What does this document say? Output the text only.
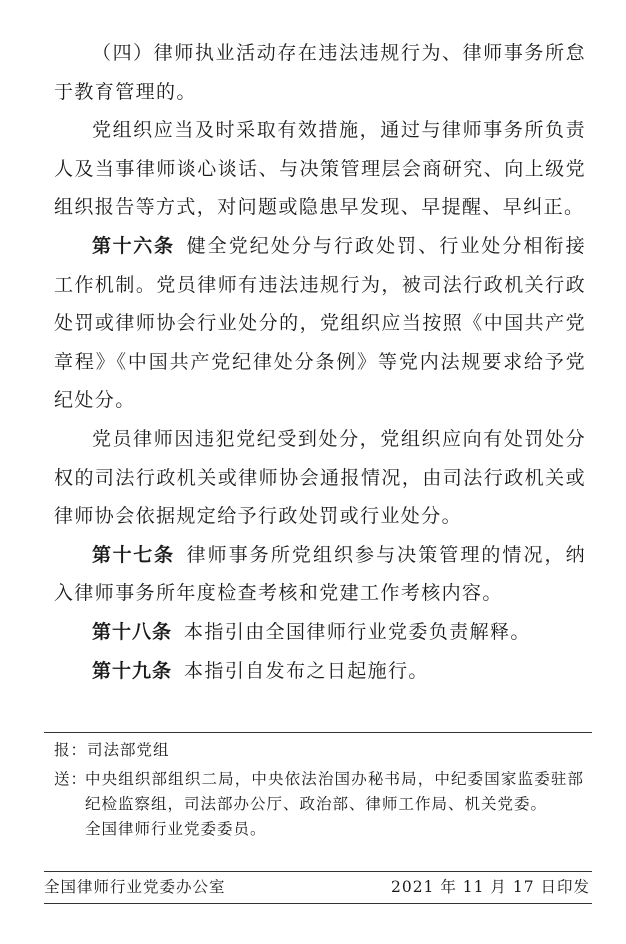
（四）律师执业活动存在违法违规行为、律师事务所怠于教育管理的。

党组织应当及时采取有效措施，通过与律师事务所负责人及当事律师谈心谈话、与决策管理层会商研究、向上级党组织报告等方式，对问题或隐患早发现、早提醒、早纠正。

第十六条 健全党纪处分与行政处罚、行业处分相衔接工作机制。党员律师有违法违规行为，被司法行政机关行政处罚或律师协会行业处分的，党组织应当按照《中国共产党章程》《中国共产党纪律处分条例》等党内法规要求给予党纪处分。

党员律师因违犯党纪受到处分，党组织应向有处罚处分权的司法行政机关或律师协会通报情况，由司法行政机关或律师协会依据规定给予行政处罚或行业处分。

第十七条 律师事务所党组织参与决策管理的情况，纳入律师事务所年度检查考核和党建工作考核内容。

第十八条 本指引由全国律师行业党委负责解释。

第十九条 本指引自发布之日起施行。

报：司法部党组
送：
中央组织部组织二局，中央依法治国办秘书局，中纪委国家监委驻部纪检监察组，司法部办公厅、政治部、律师工作局、机关党委。
全国律师行业党委委员。
全国律师行业党委办公室	2021 年 11 月 17 日印发
